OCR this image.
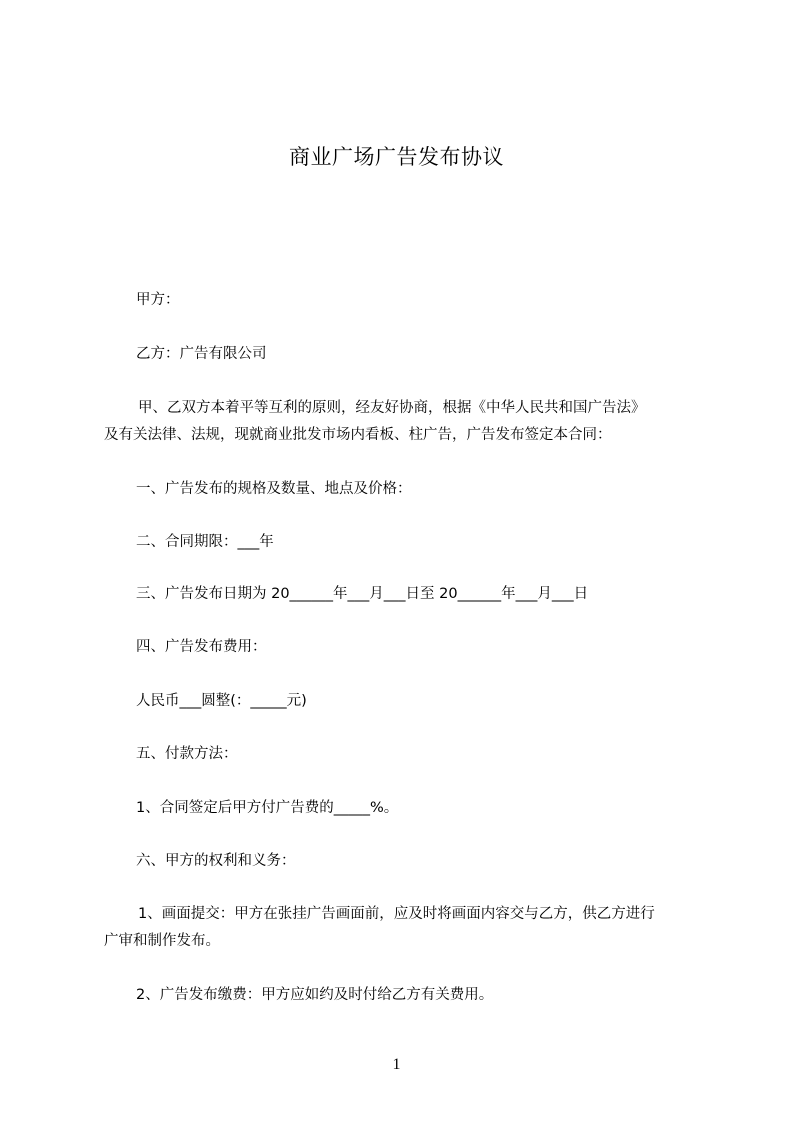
商业广场广告发布协议
甲方：
乙方：广告有限公司
甲、乙双方本着平等互利的原则，经友好协商，根据《中华人民共和国广告法》
及有关法律、法规，现就商业批发市场内看板、柱广告，广告发布签定本合同：
一、广告发布的规格及数量、地点及价格：
二、合同期限：___年
三、广告发布日期为 20______年___月___日至 20______年___月___日
四、广告发布费用：
人民币___圆整(：_____元)
五、付款方法：
1、合同签定后甲方付广告费的_____%。
六、甲方的权利和义务：
1、画面提交：甲方在张挂广告画面前，应及时将画面内容交与乙方，供乙方进行
广审和制作发布。
2、广告发布缴费：甲方应如约及时付给乙方有关费用。
1
